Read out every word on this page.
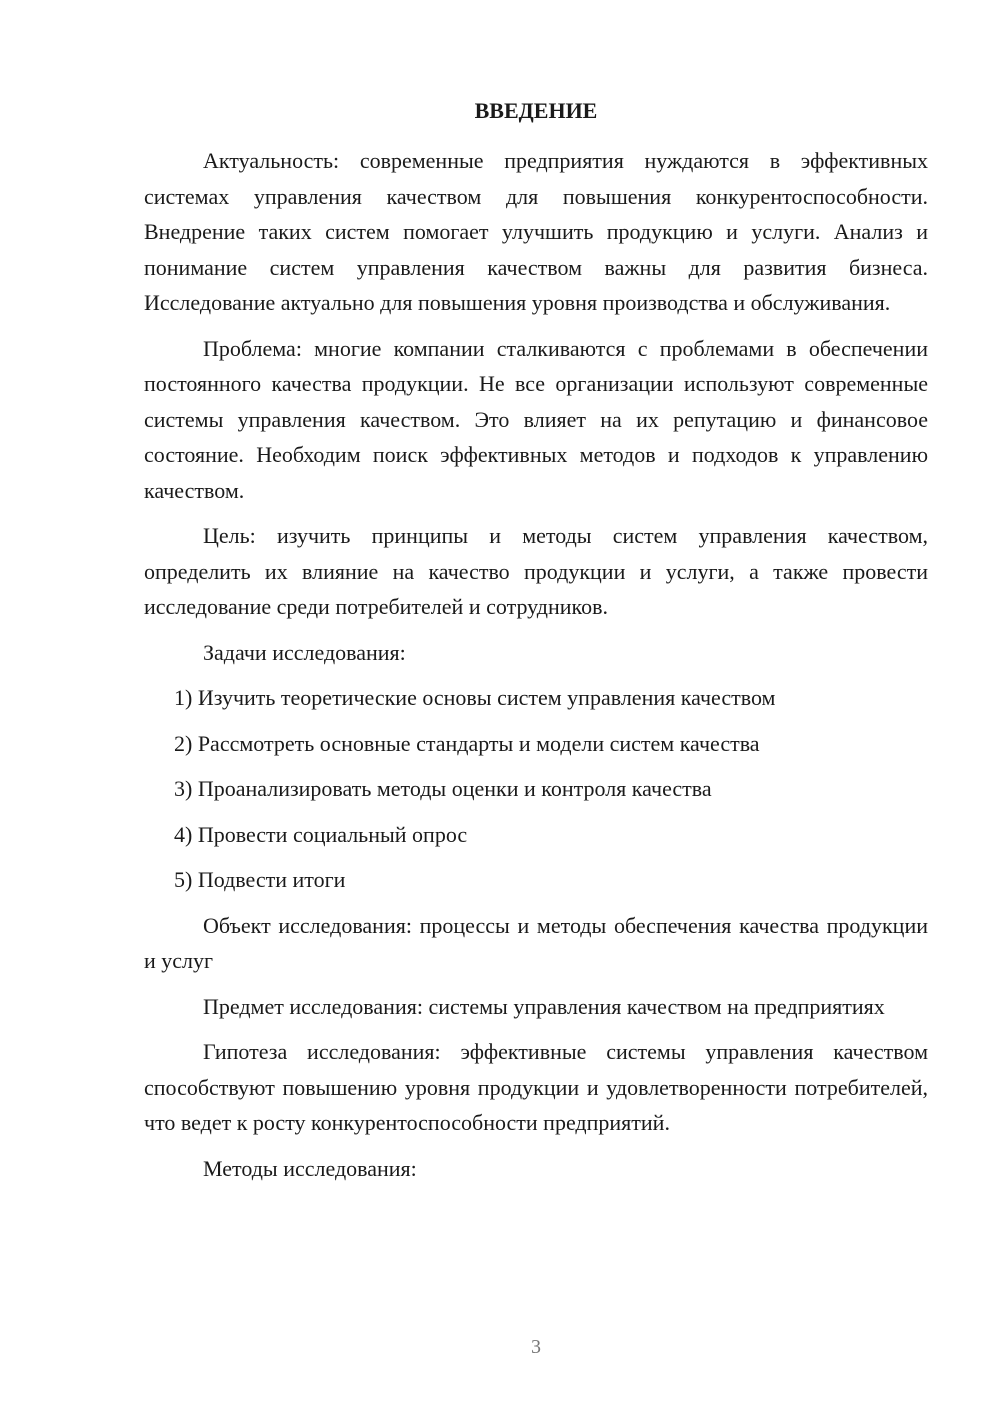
ВВЕДЕНИЕ

Актуальность: современные предприятия нуждаются в эффективных системах управления качеством для повышения конкурентоспособности. Внедрение таких систем помогает улучшить продукцию и услуги. Анализ и понимание систем управления качеством важны для развития бизнеса. Исследование актуально для повышения уровня производства и обслуживания.

Проблема: многие компании сталкиваются с проблемами в обеспечении постоянного качества продукции. Не все организации используют современные системы управления качеством. Это влияет на их репутацию и финансовое состояние. Необходим поиск эффективных методов и подходов к управлению качеством.

Цель: изучить принципы и методы систем управления качеством, определить их влияние на качество продукции и услуги, а также провести исследование среди потребителей и сотрудников.

Задачи исследования:

1) Изучить теоретические основы систем управления качеством

2) Рассмотреть основные стандарты и модели систем качества

3) Проанализировать методы оценки и контроля качества

4) Провести социальный опрос

5) Подвести итоги

Объект исследования: процессы и методы обеспечения качества продукции и услуг

Предмет исследования: системы управления качеством на предприятиях

Гипотеза исследования: эффективные системы управления качеством способствуют повышению уровня продукции и удовлетворенности потребителей, что ведет к росту конкурентоспособности предприятий.

Методы исследования:

3
